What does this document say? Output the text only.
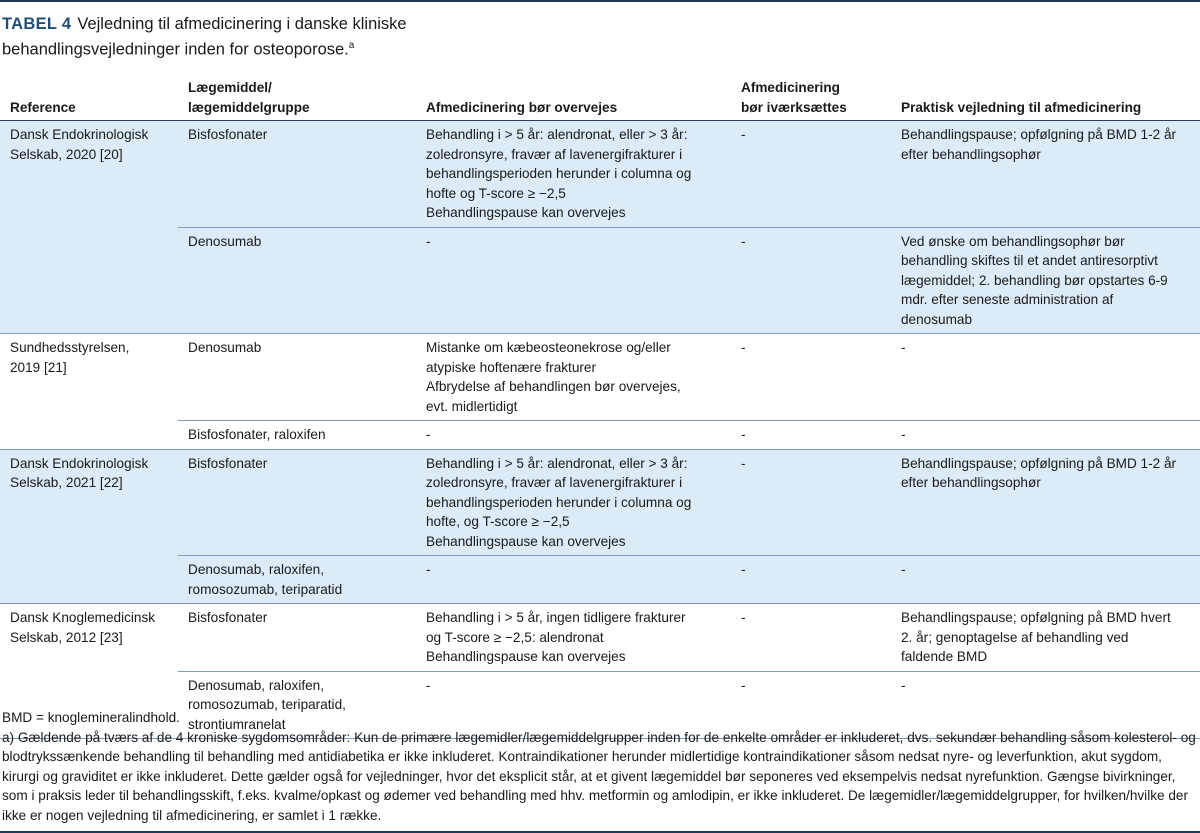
TABEL 4 Vejledning til afmedicinering i danske kliniske
behandlingsvejledninger inden for osteoporose.$^a$
Reference	Lægemiddel/
lægemiddelgruppe	Afmedicinering bør overvejes	Afmedicinering
bør iværksættes	Praktisk vejledning til afmedicinering
Dansk Endokrinologisk
Selskab, 2020 [20]	Bisfosfonater	Behandling i > 5 år: alendronat, eller > 3 år:
zoledronsyre, fravær af lavenergifrakturer i
behandlingsperioden herunder i columna og
hofte og T-score ≥ −2,5
Behandlingspause kan overvejes	-	Behandlingspause; opfølgning på BMD 1-2 år
efter behandlingsophør
	Denosumab	-	-	Ved ønske om behandlingsophør bør
behandling skiftes til et andet antiresorptivt
lægemiddel; 2. behandling bør opstartes 6-9
mdr. efter seneste administration af
denosumab
Sundhedsstyrelsen,
2019 [21]	Denosumab	Mistanke om kæbeosteonekrose og/eller
atypiske hoftenære frakturer
Afbrydelse af behandlingen bør overvejes,
evt. midlertidigt	-	-
	Bisfosfonater, raloxifen	-	-	-
Dansk Endokrinologisk
Selskab, 2021 [22]	Bisfosfonater	Behandling i > 5 år: alendronat, eller > 3 år:
zoledronsyre, fravær af lavenergifrakturer i
behandlingsperioden herunder i columna og
hofte, og T-score ≥ −2,5
Behandlingspause kan overvejes	-	Behandlingspause; opfølgning på BMD 1-2 år
efter behandlingsophør
	Denosumab, raloxifen,
romosozumab, teriparatid	-	-	-
Dansk Knoglemedicinsk
Selskab, 2012 [23]	Bisfosfonater	Behandling i > 5 år, ingen tidligere frakturer
og T-score ≥ −2,5: alendronat
Behandlingspause kan overvejes	-	Behandlingspause; opfølgning på BMD hvert
2. år; genoptagelse af behandling ved
faldende BMD
	Denosumab, raloxifen,
romosozumab, teriparatid,
strontiumranelat	-	-	-

BMD = knoglemineralindhold.

a) Gældende på tværs af de 4 kroniske sygdomsområder: Kun de primære lægemidler/lægemiddelgrupper inden for de enkelte områder er inkluderet, dvs. sekundær behandling såsom kolesterol- og blodtrykssænkende behandling til behandling med antidiabetika er ikke inkluderet. Kontraindikationer herunder midlertidige kontraindikationer såsom nedsat nyre- og leverfunktion, akut sygdom, kirurgi og graviditet er ikke inkluderet. Dette gælder også for vejledninger, hvor det eksplicit står, at et givent lægemiddel bør seponeres ved eksempelvis nedsat nyrefunktion. Gængse bivirkninger, som i praksis leder til behandlingsskift, f.eks. kvalme/opkast og ødemer ved behandling med hhv. metformin og amlodipin, er ikke inkluderet. De lægemidler/lægemiddelgrupper, for hvilken/hvilke der ikke er nogen vejledning til afmedicinering, er samlet i 1 række.
